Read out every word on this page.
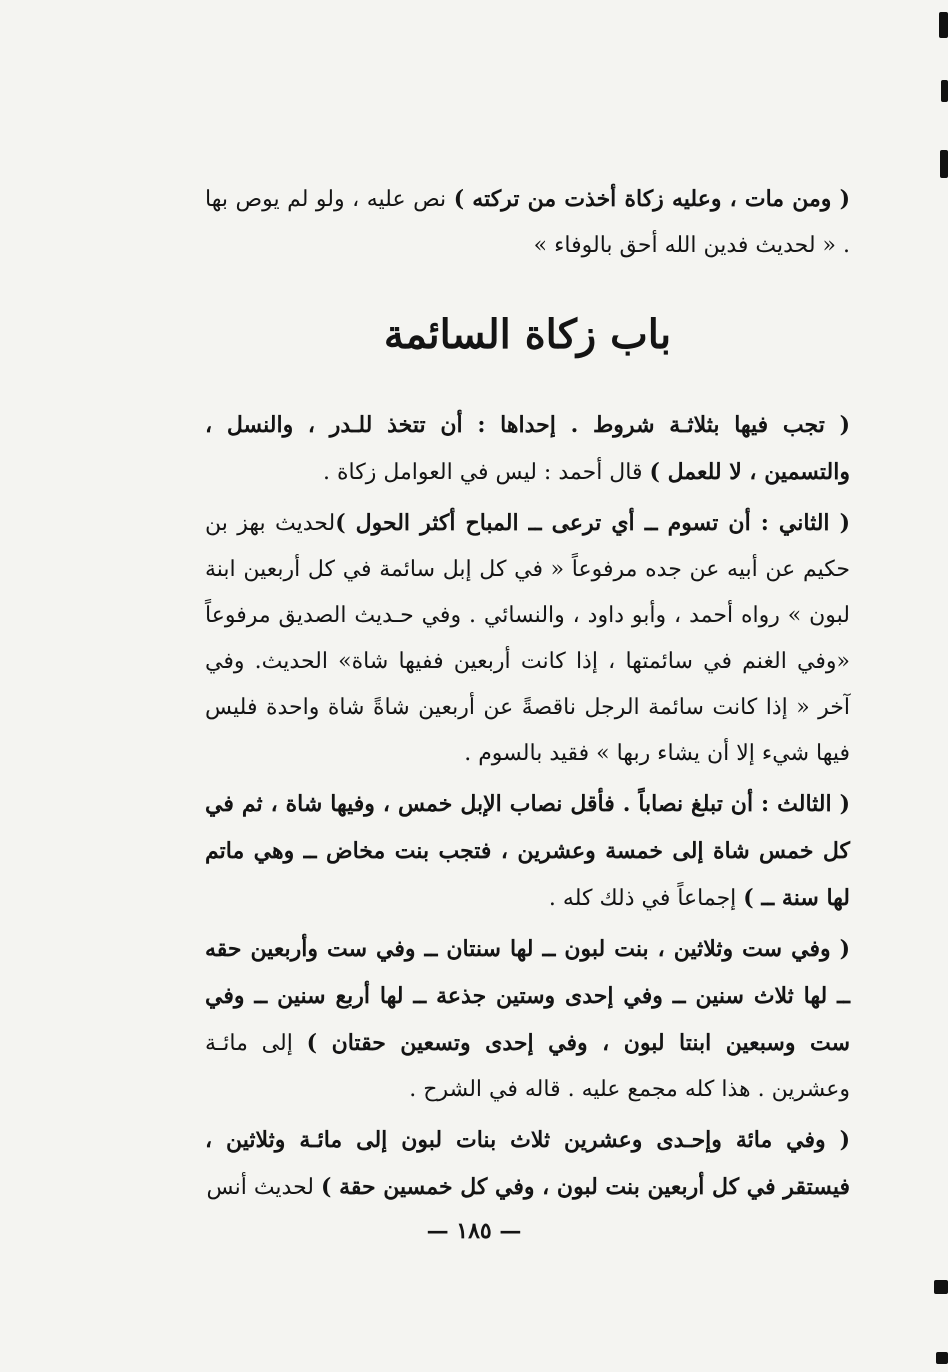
( ومن مات ، وعليه زكاة أخذت من تركته ) نص عليه ، ولو لم يوص بها . « لحديث فدين الله أحق بالوفاء »

باب زكاة السائمة

( تجب فيها بثلاثـة شروط . إحداها : أن تتخذ للـدر ، والنسل ، والتسمين ، لا للعمل ) قال أحمد : ليس في العوامل زكاة .

( الثاني : أن تسوم ــ أي ترعى ــ المباح أكثر الحول )لحديث بهز بن حكيم عن أبيه عن جده مرفوعاً « في كل إبل سائمة في كل أربعين ابنة لبون » رواه أحمد ، وأبو داود ، والنسائي . وفي حـديث الصديق مرفوعاً «وفي الغنم في سائمتها ، إذا كانت أربعين ففيها شاة» الحديث. وفي آخر « إذا كانت سائمة الرجل ناقصةً عن أربعين شاةً شاة واحدة فليس فيها شيء إلا أن يشاء ربها » فقيد بالسوم .

( الثالث : أن تبلغ نصاباً . فأقل نصاب الإبل خمس ، وفيها شاة ، ثم في كل خمس شاة إلى خمسة وعشرين ، فتجب بنت مخاض ــ وهي ماتم لها سنة ــ ) إجماعاً في ذلك كله .

( وفي ست وثلاثين ، بنت لبون ــ لها سنتان ــ وفي ست وأربعين حقه ــ لها ثلاث سنين ــ وفي إحدى وستين جذعة ــ لها أربع سنين ــ وفي ست وسبعين ابنتا لبون ، وفي إحدى وتسعين حقتان ) إلى مائـة وعشرين . هذا كله مجمع عليه . قاله في الشرح .

( وفي مائة وإحـدى وعشرين ثلاث بنات لبون إلى مائـة وثلاثين ، فيستقر في كل أربعين بنت لبون ، وفي كل خمسين حقة ) لحديث أنس

— ١٨٥ —
